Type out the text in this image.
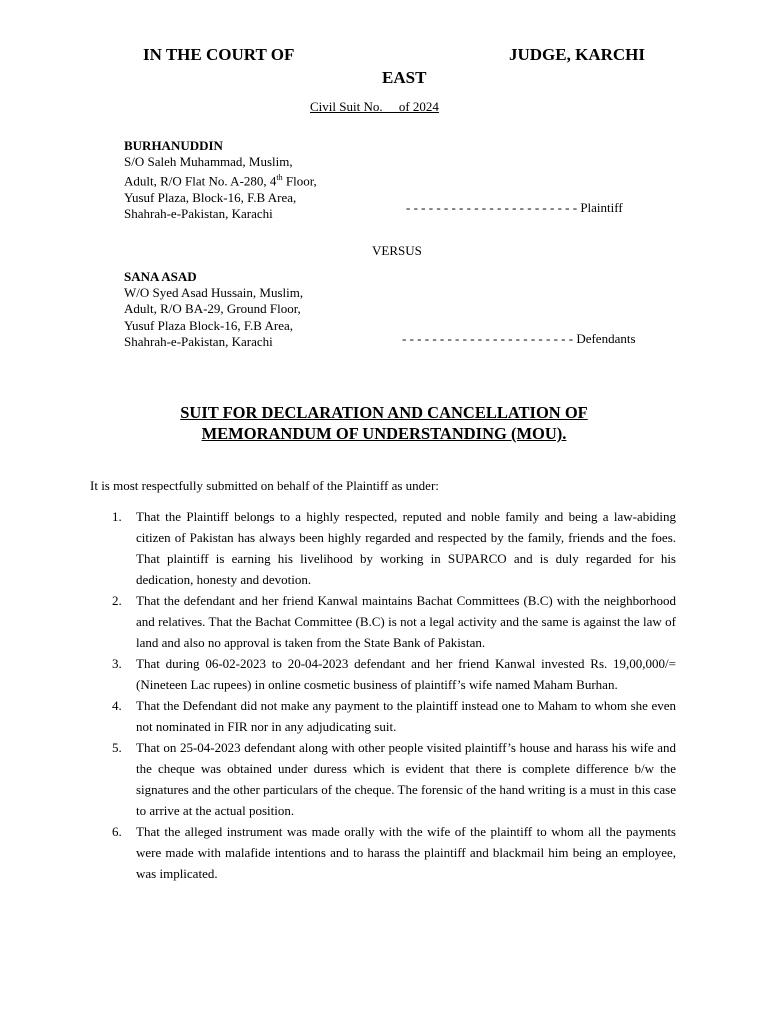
IN THE COURT OF	JUDGE, KARCHI
EAST
Civil Suit No.     of 2024
BURHANUDDIN
S/O Saleh Muhammad, Muslim,
Adult, R/O Flat No. A-280, 4th Floor,
Yusuf Plaza, Block-16, F.B Area,
Shahrah-e-Pakistan, Karachi	- - - - - - - - - - - - - - - - - - - - - - - Plaintiff
VERSUS
SANA ASAD
W/O Syed Asad Hussain, Muslim,
Adult, R/O BA-29, Ground Floor,
Yusuf Plaza Block-16, F.B Area,
Shahrah-e-Pakistan, Karachi	- - - - - - - - - - - - - - - - - - - - - - - Defendants
SUIT FOR DECLARATION AND CANCELLATION OF
MEMORANDUM OF UNDERSTANDING (MOU).
It is most respectfully submitted on behalf of the Plaintiff as under:
1. That the Plaintiff belongs to a highly respected, reputed and noble family and being a law-abiding citizen of Pakistan has always been highly regarded and respected by the family, friends and the foes. That plaintiff is earning his livelihood by working in SUPARCO and is duly regarded for his dedication, honesty and devotion.
2. That the defendant and her friend Kanwal maintains Bachat Committees (B.C) with the neighborhood and relatives. That the Bachat Committee (B.C) is not a legal activity and the same is against the law of land and also no approval is taken from the State Bank of Pakistan.
3. That during 06-02-2023 to 20-04-2023 defendant and her friend Kanwal invested Rs. 19,00,000/= (Nineteen Lac rupees) in online cosmetic business of plaintiff’s wife named Maham Burhan.
4. That the Defendant did not make any payment to the plaintiff instead one to Maham to whom she even not nominated in FIR nor in any adjudicating suit.
5. That on 25-04-2023 defendant along with other people visited plaintiff’s house and harass his wife and the cheque was obtained under duress which is evident that there is complete difference b/w the signatures and the other particulars of the cheque. The forensic of the hand writing is a must in this case to arrive at the actual position.
6. That the alleged instrument was made orally with the wife of the plaintiff to whom all the payments were made with malafide intentions and to harass the plaintiff and blackmail him being an employee, was implicated.
